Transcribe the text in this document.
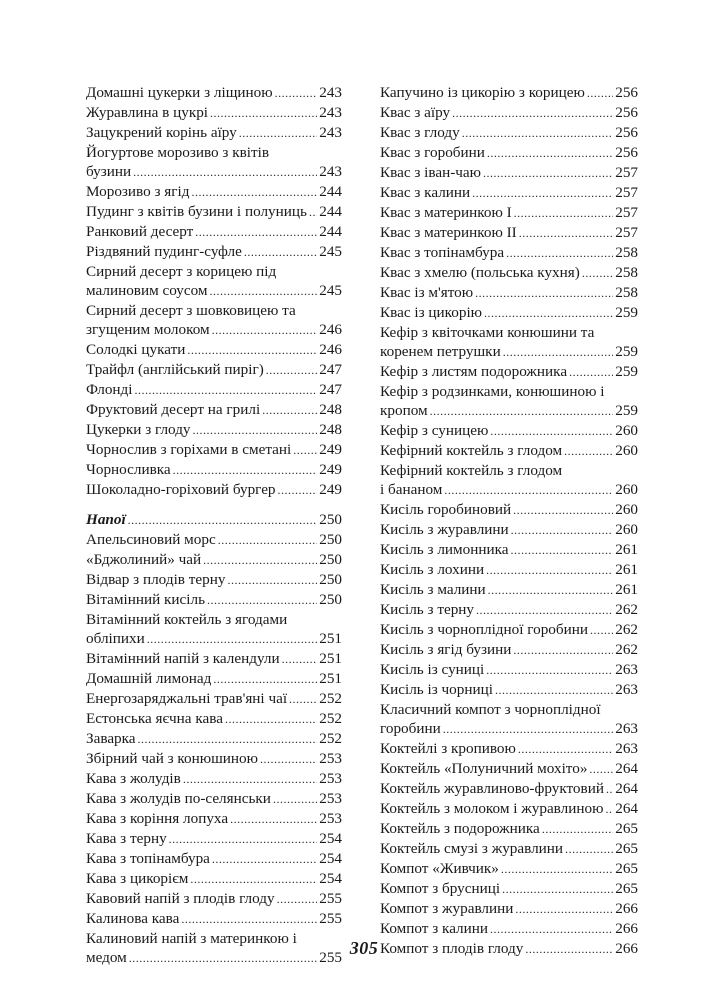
Домашні цукерки з ліщиною .....	243
Журавлина в цукрі .....	243
Зацукрений корінь аїру .....	243
Йогуртове морозиво з квітів
бузини .....	243
Морозиво з ягід .....	244
Пудинг з квітів бузини і полуниць ..... 244
Ранковий десерт .....	244
Різдвяний пудинг-суфле .....	245
Сирний десерт з корицею під
малиновим соусом .....	245
Сирний десерт з шовковицею та
згущеним молоком .....	246
Солодкі цукати .....	246
Трайфл (англійський пиріг) .....	247
Флонді .....	247
Фруктовий десерт на грилі .....	248
Цукерки з глоду .....	248
Чорнослив з горіхами в сметані ..... 249
Чорносливка .....	249
Шоколадно-горіховий бургер .....	249
Напої .....	250
Апельсиновий морс .....	250
«Бджолиний» чай .....	250
Відвар з плодів терну .....	250
Вітамінний кисіль .....	250
Вітамінний коктейль з ягодами
обліпихи .....	251
Вітамінний напій з календули .....	251
Домашній лимонад .....	251
Енергозаряджальні трав'яні чаї ..... 252
Естонська яєчна кава .....	252
Заварка .....	252
Збірний чай з конюшиною .....	253
Кава з жолудів .....	253
Кава з жолудів по-селянськи .....	253
Кава з коріння лопуха .....	253
Кава з терну .....	254
Кава з топінамбура .....	254
Кава з цикорієм .....	254
Кавовий напій з плодів глоду .....	255
Калинова кава .....	255
Калиновий напій з материнкою і
медом .....	255
Капучино із цикорію з корицею ..... 256
Квас з аїру .....	256
Квас з глоду .....	256
Квас з горобини .....	256
Квас з іван-чаю .....	257
Квас з калини .....	257
Квас з материнкою І .....	257
Квас з материнкою ІІ .....	257
Квас з топінамбура .....	258
Квас з хмелю (польська кухня) ..... 258
Квас із м'ятою .....	258
Квас із цикорію .....	259
Кефір з квіточками конюшини та
коренем петрушки .....	259
Кефір з листям подорожника .....	259
Кефір з родзинками, конюшиною і
кропом .....	259
Кефір з суницею .....	260
Кефірний коктейль з глодом .....	260
Кефірний коктейль з глодом
і бананом .....	260
Кисіль горобиновий .....	260
Кисіль з журавлини .....	260
Кисіль з лимонника .....	261
Кисіль з лохини .....	261
Кисіль з малини .....	261
Кисіль з терну .....	262
Кисіль з чорноплідної горобини ..... 262
Кисіль з ягід бузини .....	262
Кисіль із суниці .....	263
Кисіль із чорниці .....	263
Класичний компот з чорноплідної
горобини .....	263
Коктейлі з кропивою .....	263
Коктейль «Полуничний мохіто» ..... 264
Коктейль журавлиново-фруктовий ..... 264
Коктейль з молоком і журавлиною ..... 264
Коктейль з подорожника .....	265
Коктейль смузі з журавлини .....	265
Компот «Живчик» .....	265
Компот з брусниці .....	265
Компот з журавлини .....	266
Компот з калини .....	266
Компот з плодів глоду .....	266
305
